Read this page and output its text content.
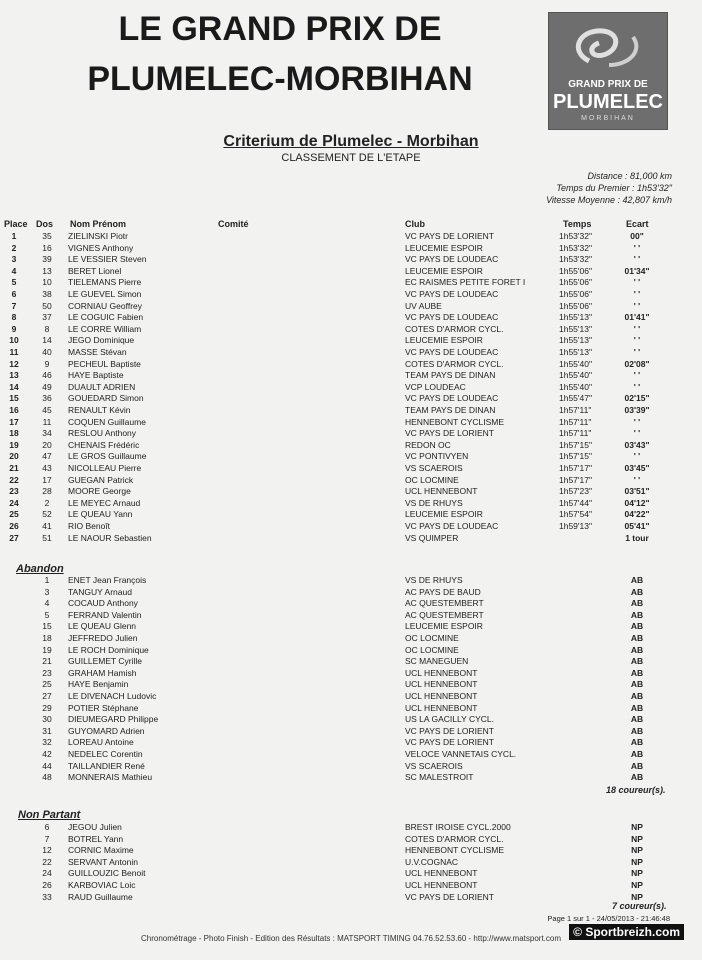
LE GRAND PRIX DE
PLUMELEC-MORBIHAN	GRAND PRIX DE
PLUMELEC
MORBIHAN
Criterium de Plumelec - Morbihan
CLASSEMENT DE L'ETAPE
Distance : 81,000 km
Temps du Premier : 1h53'32"
Vitesse Moyenne : 42,807 km/h
Place Dos Nom Prénom	Comité	Club	Temps	Ecart
1	35	ZIELINSKI Piotr	VC PAYS DE LORIENT	1h53'32"	00"
2	16	VIGNES Anthony	LEUCEMIE ESPOIR	1h53'32"	' '
3	39	LE VESSIER Steven	VC PAYS DE LOUDEAC	1h53'32"	' '
4	13	BERET Lionel	LEUCEMIE ESPOIR	1h55'06"	01'34"
5	10	TIELEMANS Pierre	EC RAISMES PETITE FORET I	1h55'06"	' '
6	38	LE GUEVEL Simon	VC PAYS DE LOUDEAC	1h55'06"	' '
7	50	CORNIAU Geoffrey	UV AUBE	1h55'06"	' '
8	37	LE COGUIC Fabien	VC PAYS DE LOUDEAC	1h55'13"	01'41"
9	8	LE CORRE William	COTES D'ARMOR CYCL.	1h55'13"	' '
10	14	JEGO Dominique	LEUCEMIE ESPOIR	1h55'13"	' '
11	40	MASSE Stévan	VC PAYS DE LOUDEAC	1h55'13"	' '
12	9	PECHEUL Baptiste	COTES D'ARMOR CYCL.	1h55'40"	02'08"
13	46	HAYE Baptiste	TEAM PAYS DE DINAN	1h55'40"	' '
14	49	DUAULT ADRIEN	VCP LOUDEAC	1h55'40"	' '
15	36	GOUEDARD Simon	VC PAYS DE LOUDEAC	1h55'47"	02'15"
16	45	RENAULT Kévin	TEAM PAYS DE DINAN	1h57'11"	03'39"
17	11	COQUEN Guillaume	HENNEBONT CYCLISME	1h57'11"	' '
18	34	RESLOU Anthony	VC PAYS DE LORIENT	1h57'11"	' '
19	20	CHENAIS Frédéric	REDON OC	1h57'15"	03'43"
20	47	LE GROS Guillaume	VC PONTIVYEN	1h57'15"	' '
21	43	NICOLLEAU Pierre	VS SCAEROIS	1h57'17"	03'45"
22	17	GUEGAN Patrick	OC LOCMINE	1h57'17"	' '
23	28	MOORE George	UCL HENNEBONT	1h57'23"	03'51"
24	2	LE MEYEC Arnaud	VS DE RHUYS	1h57'44"	04'12"
25	52	LE QUEAU Yann	LEUCEMIE ESPOIR	1h57'54"	04'22"
26	41	RIO Benoît	VC PAYS DE LOUDEAC	1h59'13"	05'41"
27	51	LE NAOUR Sebastien	VS QUIMPER	1 tour
Abandon
1	ENET Jean François	VS DE RHUYS	AB
3	TANGUY Arnaud	AC PAYS DE BAUD	AB
4	COCAUD Anthony	AC QUESTEMBERT	AB
5	FERRAND Valentin	AC QUESTEMBERT	AB
15	LE QUEAU Glenn	LEUCEMIE ESPOIR	AB
18	JEFFREDO Julien	OC LOCMINE	AB
19	LE ROCH Dominique	OC LOCMINE	AB
21	GUILLEMET Cyrille	SC MANEGUEN	AB
23	GRAHAM Hamish	UCL HENNEBONT	AB
25	HAYE Benjamin	UCL HENNEBONT	AB
27	LE DIVENACH Ludovic	UCL HENNEBONT	AB
29	POTIER Stéphane	UCL HENNEBONT	AB
30	DIEUMEGARD Philippe	US LA GACILLY CYCL.	AB
31	GUYOMARD Adrien	VC PAYS DE LORIENT	AB
32	LOREAU Antoine	VC PAYS DE LORIENT	AB
42	NEDELEC Corentin	VELOCE VANNETAIS CYCL.	AB
44	TAILLANDIER René	VS SCAEROIS	AB
48	MONNERAIS Mathieu	SC MALESTROIT	AB
18 coureur(s).
Non Partant
6	JEGOU Julien	BREST IROISE CYCL.2000	NP
7	BOTREL Yann	COTES D'ARMOR CYCL.	NP
12	CORNIC Maxime	HENNEBONT CYCLISME	NP
22	SERVANT Antonin	U.V.COGNAC	NP
24	GUILLOUZIC Benoit	UCL HENNEBONT	NP
26	KARBOVIAC Loic	UCL HENNEBONT	NP
33	RAUD Guillaume	VC PAYS DE LORIENT	NP
7 coureur(s).
Page 1 sur 1 - 24/05/2013 - 21:46:48
Chronométrage - Photo Finish - Edition des Résultats : MATSPORT TIMING 04.76.52.53.60 - http://www.matsport.com	© Sportbreizh.com
